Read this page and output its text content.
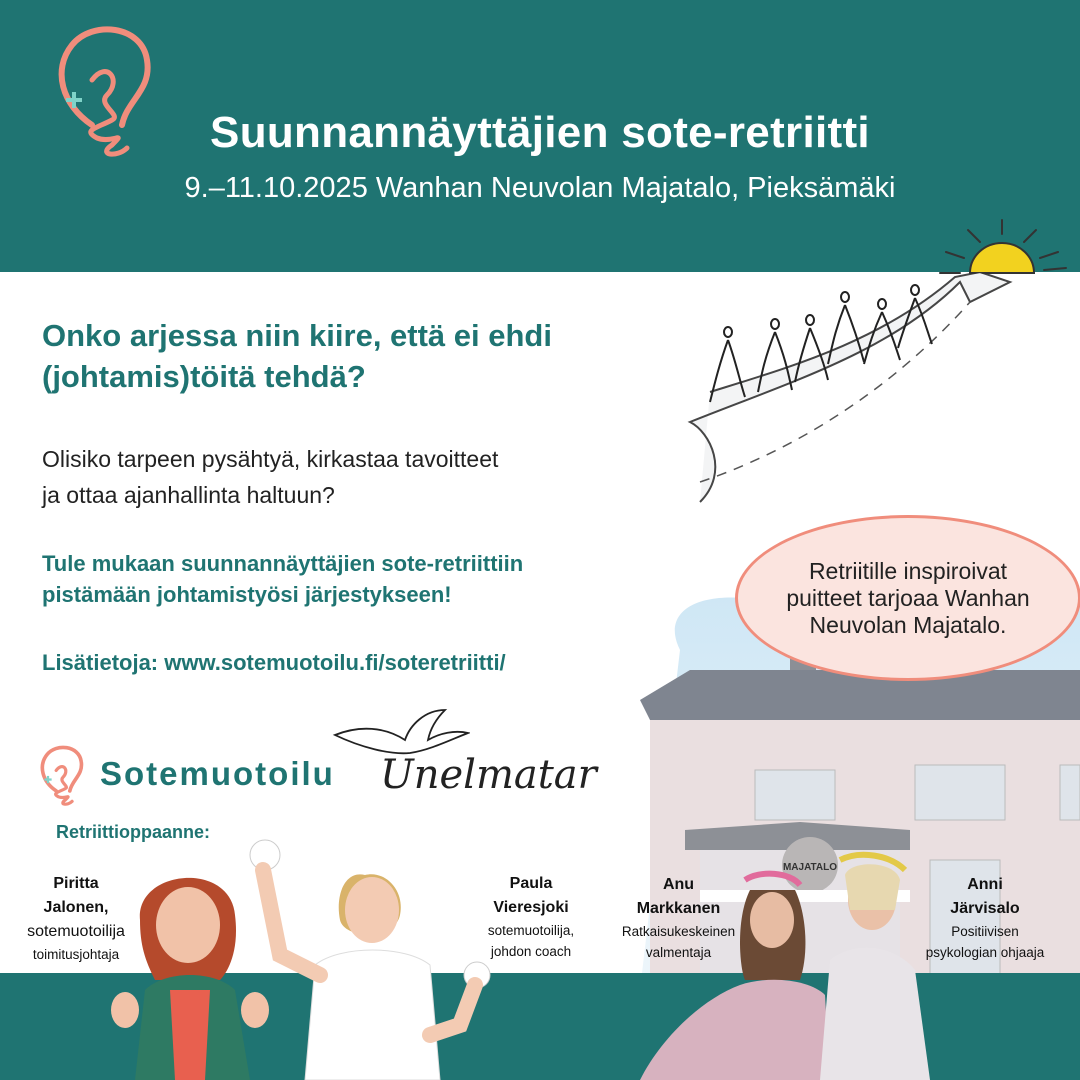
Suunnannäyttäjien sote-retriitti
9.–11.10.2025 Wanhan Neuvolan Majatalo, Pieksämäki
Onko arjessa niin kiire, että ei ehdi
(johtamis)töitä tehdä?
Olisiko tarpeen pysähtyä, kirkastaa tavoitteet
ja ottaa ajanhallinta haltuun?
Tule mukaan suunnannäyttäjien sote-retriittiin
pistämään johtamistyösi järjestykseen!
Lisätietoja: www.sotemuotoilu.fi/soteretriitti/
MAJATALO
Retriitille inspiroivat puitteet tarjoaa Wanhan Neuvolan Majatalo.
Sotemuotoilu Unelmatar
Retriittioppaanne:
Piritta
Jalonen,
sotemuotoilija
toimitusjohtaja
Paula
Vieresjoki
sotemuotoilija,
johdon coach
Anu
Markkanen
Ratkaisukeskeinen
valmentaja
Anni
Järvisalo
Positiivisen
psykologian ohjaaja
